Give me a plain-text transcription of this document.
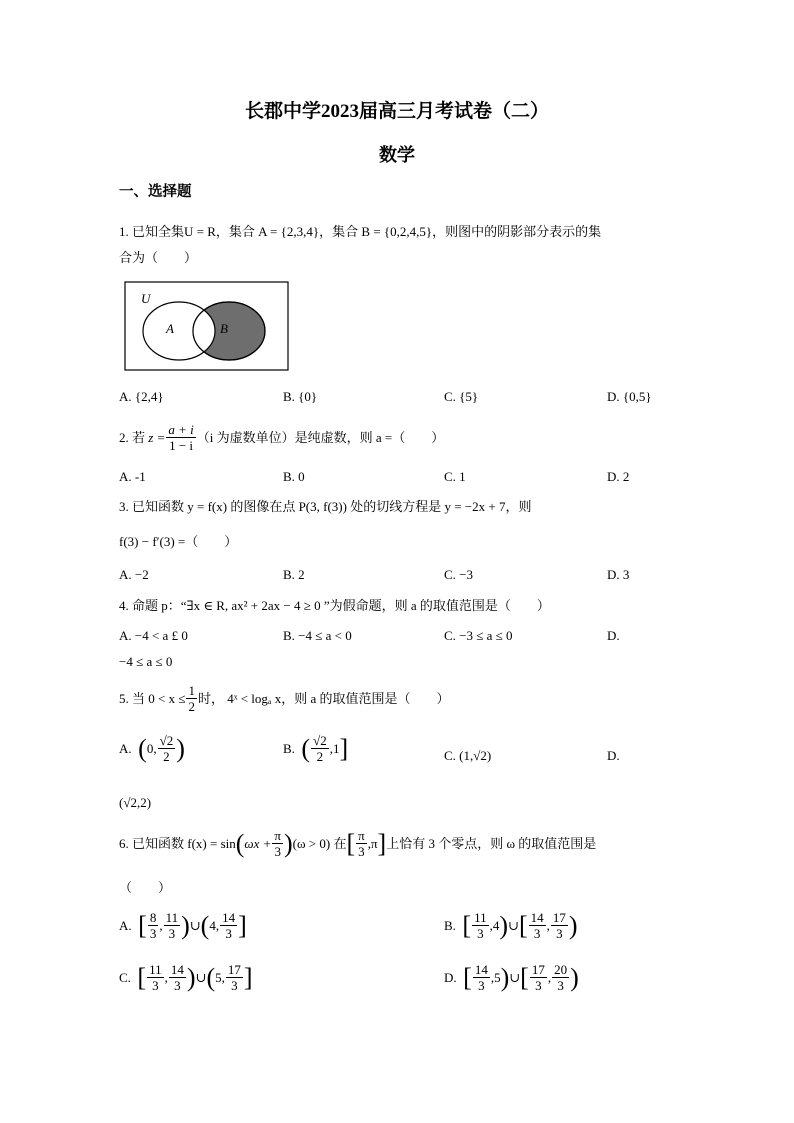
长郡中学2023届高三月考试卷（二）
数学
一、选择题
1. 已知全集U = R，集合 A = {2,3,4}，集合 B = {0,2,4,5}，则图中的阴影部分表示的集
合为（　　）
U
A	B
A. {2,4}	B. {0}	C. {5}	D. {0,5}
2. 若
$z = \frac{a + i}{1 - i} (i$ 为虚数单位）是纯虚数，则 a =（　　）
A. -1	B. 0	C. 1	D. 2
3. 已知函数 y = f(x) 的图像在点 P(3, f(3)) 处的切线方程是 y = −2x + 7，则
f(3) − f′(3) =（　　）
A. −2	B. 2	C. −3	D. 3
4. 命题 p：“∃x ∈ R, ax² + 2ax − 4 ≥ 0 ”为假命题，则 a 的取值范围是（　　）
A. −4 < a £ 0	B. −4 ≤ a < 0	C. −3 ≤ a ≤ 0	D.
−4 ≤ a ≤ 0
5. 当 $0 < x \le \frac{1}{2}$ 时， 4ˣ < logₐ x，则 a 的取值范围是（　　）
A.
( 0, $\frac{√2}{2}$ )	B.
( $\frac{√2}{2} ,1$ ]	C. (1,√2)	D.
(√2,2)
6. 已知函数 f(x) = sin ( $\omega x + \frac{\pi}{3}$ ) (ω > 0) 在 [ $\frac{\pi}{3} ,\pi$ ] 上恰有 3 个零点，则 ω 的取值范围是
（　　）
A.
[ $\frac{8}{3}$ , $\frac{11}{3}$ ) ∪ ( 4, $\frac{14}{3}$ ]	B.
[ $\frac{11}{3} ,4$ ) ∪ [ $\frac{14}{3}$ , $\frac{17}{3}$ )
C.
[ $\frac{11}{3}$ , $\frac{14}{3}$ ) ∪ ( 5, $\frac{17}{3}$ ]	D.
[ $\frac{14}{3} ,5$ ) ∪ [ $\frac{17}{3}$ , $\frac{20}{3}$ )
